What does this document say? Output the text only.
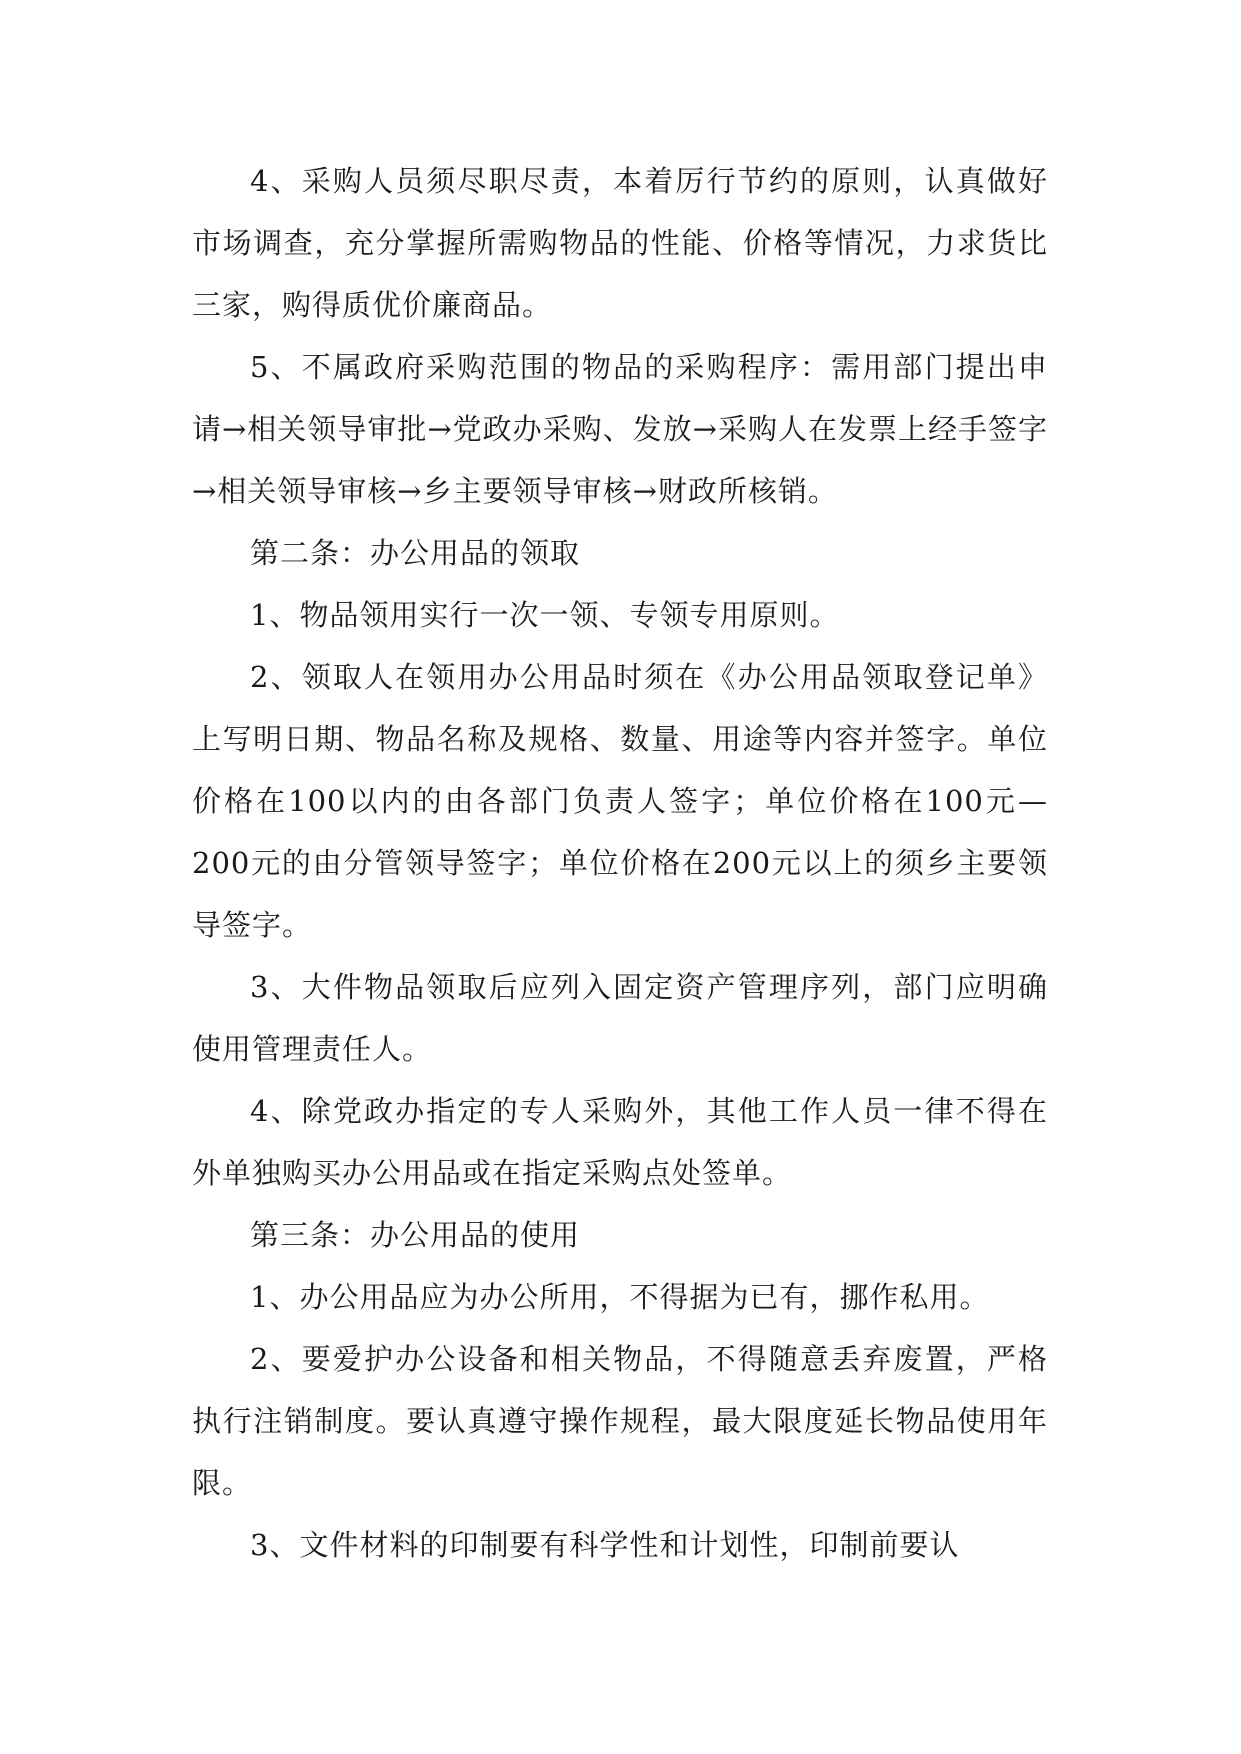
4、采购人员须尽职尽责，本着厉行节约的原则，认真做好市场调查，充分掌握所需购物品的性能、价格等情况，力求货比三家，购得质优价廉商品。

5、不属政府采购范围的物品的采购程序：需用部门提出申请→相关领导审批→党政办采购、发放→采购人在发票上经手签字→相关领导审核→乡主要领导审核→财政所核销。

第二条：办公用品的领取

1、物品领用实行一次一领、专领专用原则。

2、领取人在领用办公用品时须在《办公用品领取登记单》上写明日期、物品名称及规格、数量、用途等内容并签字。单位价格在100以内的由各部门负责人签字；单位价格在100元—200元的由分管领导签字；单位价格在200元以上的须乡主要领导签字。

3、大件物品领取后应列入固定资产管理序列，部门应明确使用管理责任人。

4、除党政办指定的专人采购外，其他工作人员一律不得在外单独购买办公用品或在指定采购点处签单。

第三条：办公用品的使用

1、办公用品应为办公所用，不得据为已有，挪作私用。

2、要爱护办公设备和相关物品，不得随意丢弃废置，严格执行注销制度。要认真遵守操作规程，最大限度延长物品使用年限。

3、文件材料的印制要有科学性和计划性，印制前要认
